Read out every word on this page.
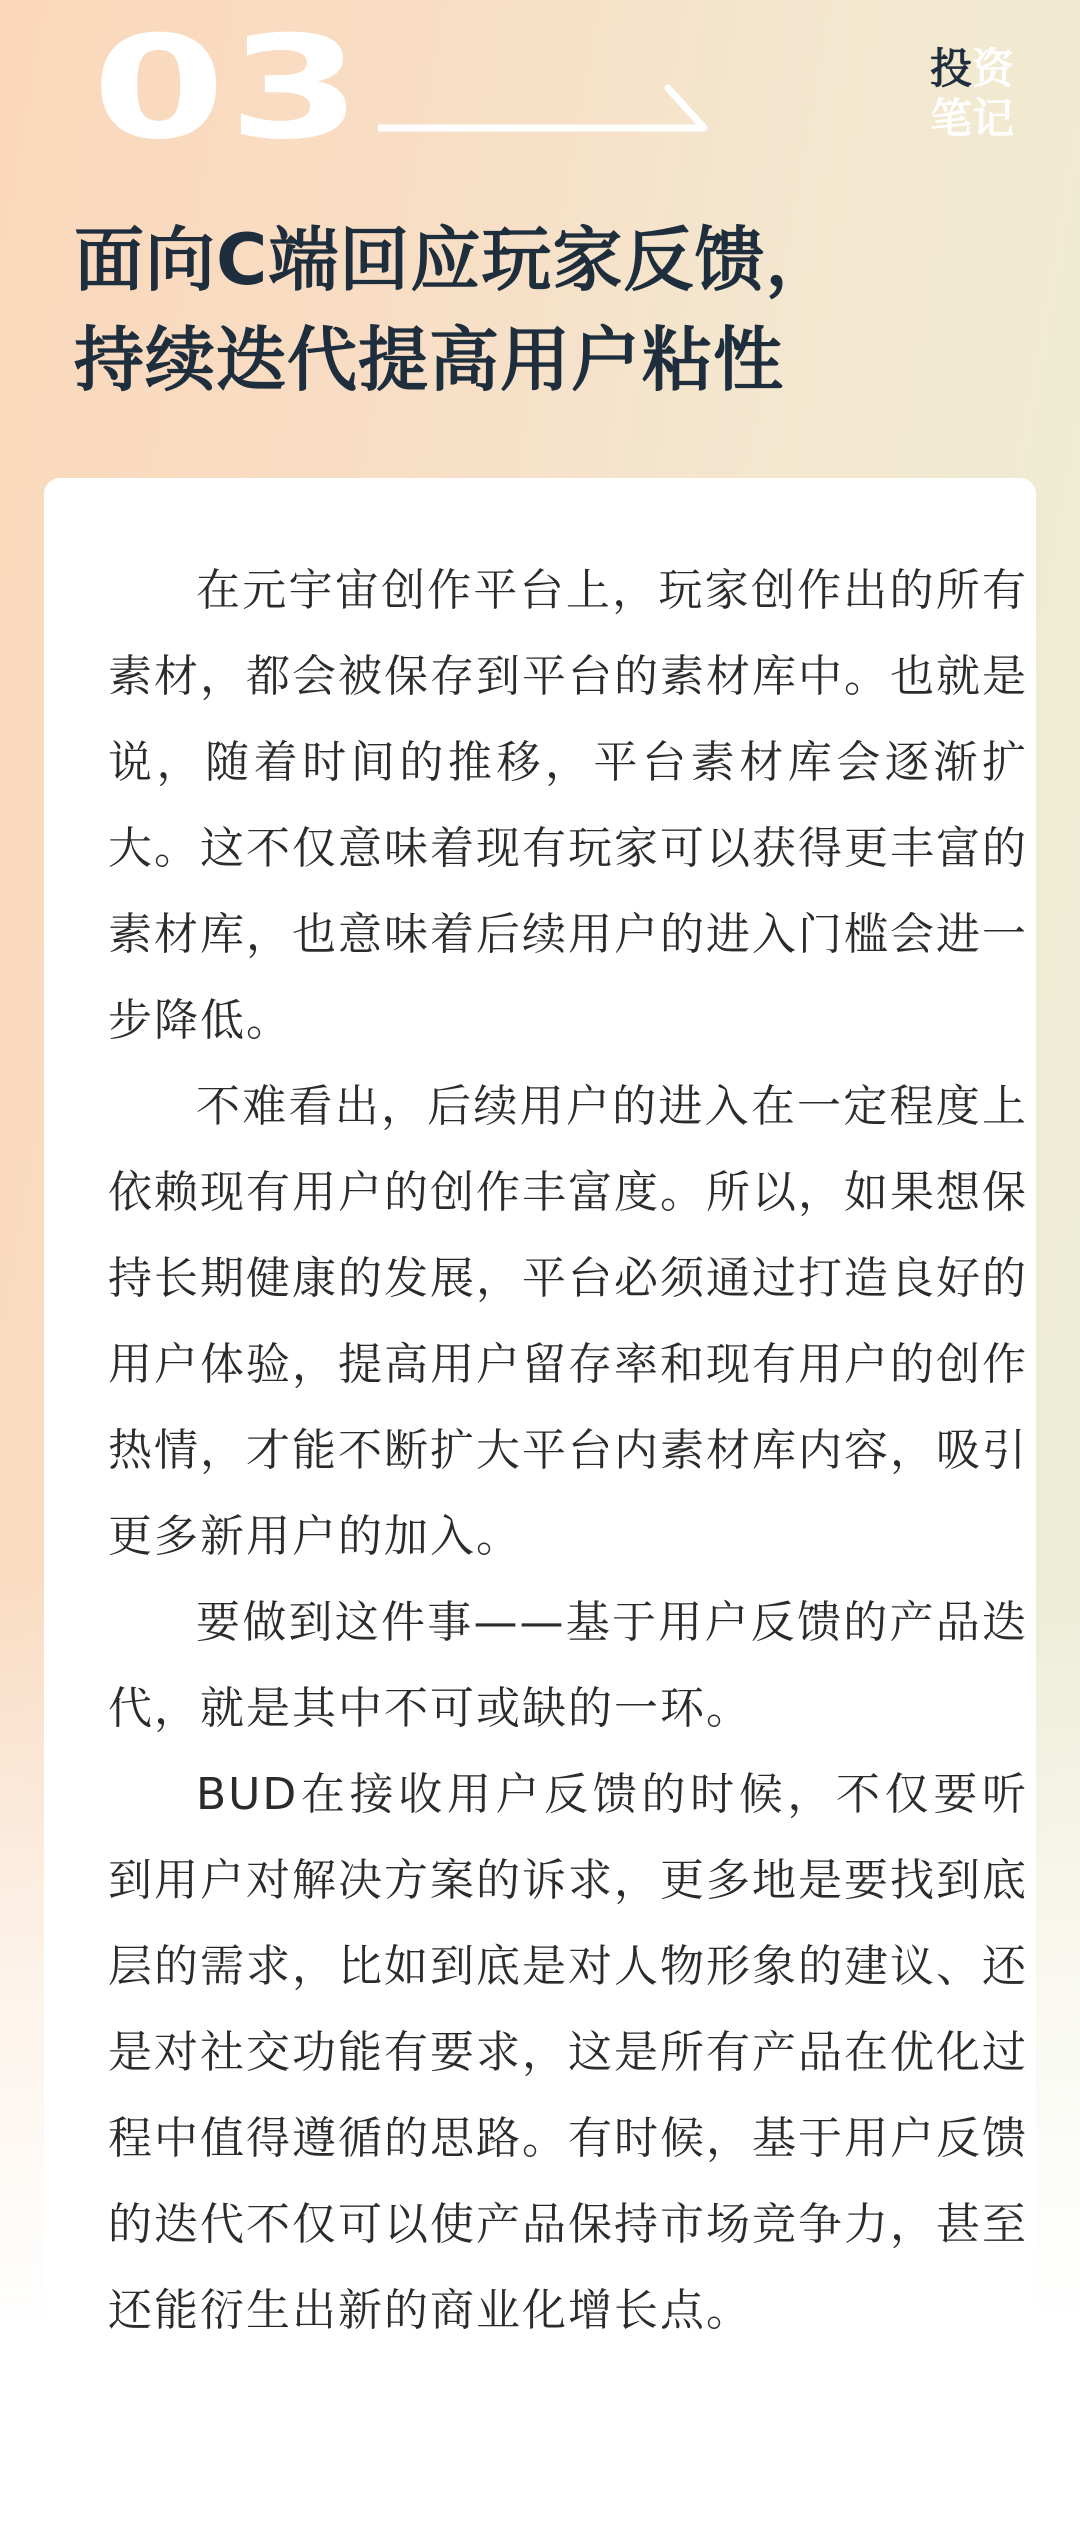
03	投资
笔记
面向C端回应玩家反馈，
持续迭代提高用户粘性

在元宇宙创作平台上，玩家创作出的所有素材，都会被保存到平台的素材库中。也就是说，随着时间的推移，平台素材库会逐渐扩大。这不仅意味着现有玩家可以获得更丰富的素材库，也意味着后续用户的进入门槛会进一步降低。

不难看出，后续用户的进入在一定程度上依赖现有用户的创作丰富度。所以，如果想保持长期健康的发展，平台必须通过打造良好的用户体验，提高用户留存率和现有用户的创作热情，才能不断扩大平台内素材库内容，吸引更多新用户的加入。

要做到这件事——基于用户反馈的产品迭代，就是其中不可或缺的一环。

BUD在接收用户反馈的时候，不仅要听到用户对解决方案的诉求，更多地是要找到底层的需求，比如到底是对人物形象的建议、还是对社交功能有要求，这是所有产品在优化过程中值得遵循的思路。有时候，基于用户反馈的迭代不仅可以使产品保持市场竞争力，甚至还能衍生出新的商业化增长点。
